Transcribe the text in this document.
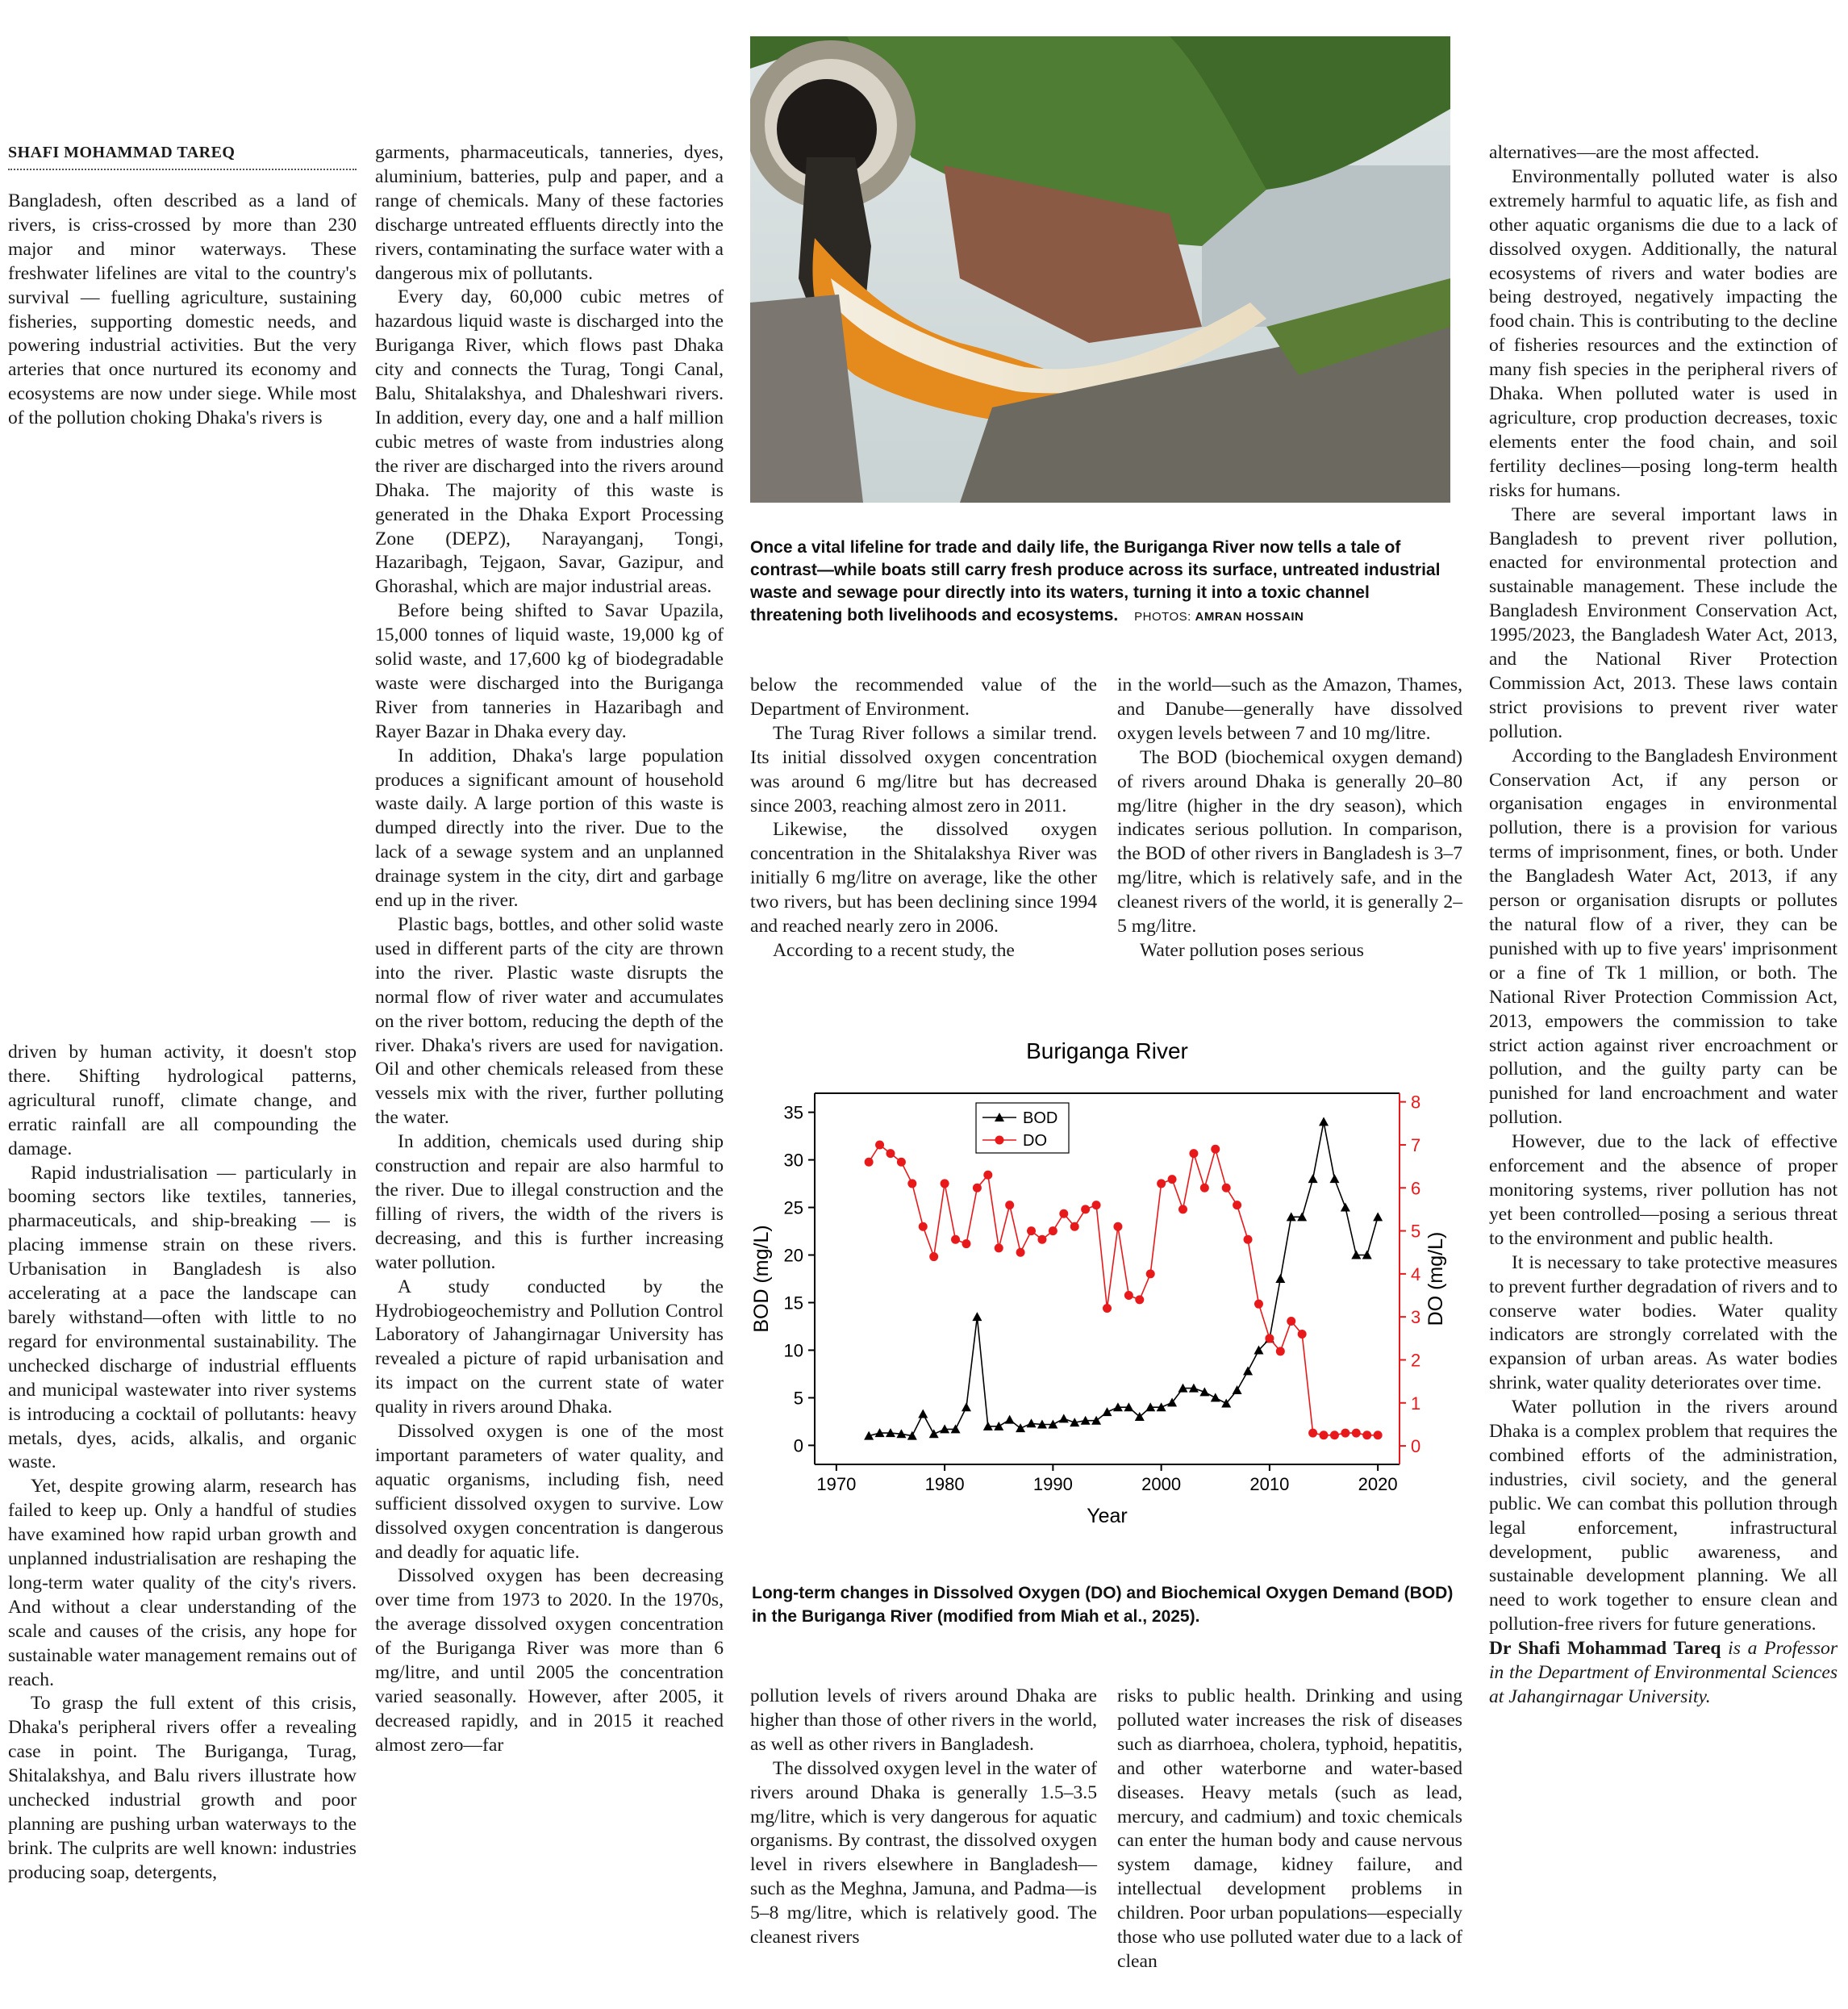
SHAFI MOHAMMAD TAREQ

Bangladesh, often described as a land of rivers, is criss-crossed by more than 230 major and minor waterways. These freshwater lifelines are vital to the country's survival — fuelling agriculture, sustaining fisheries, supporting domestic needs, and powering industrial activities. But the very arteries that once nurtured its economy and ecosystems are now under siege. While most of the pollution choking Dhaka's rivers is

driven by human activity, it doesn't stop there. Shifting hydrological patterns, agricultural runoff, climate change, and erratic rainfall are all compounding the damage.

Rapid industrialisation — particularly in booming sectors like textiles, tanneries, pharmaceuticals, and ship-breaking — is placing immense strain on these rivers. Urbanisation in Bangladesh is also accelerating at a pace the landscape can barely withstand—often with little to no regard for environmental sustainability. The unchecked discharge of industrial effluents and municipal wastewater into river systems is introducing a cocktail of pollutants: heavy metals, dyes, acids, alkalis, and organic waste.

Yet, despite growing alarm, research has failed to keep up. Only a handful of studies have examined how rapid urban growth and unplanned industrialisation are reshaping the long-term water quality of the city's rivers. And without a clear understanding of the scale and causes of the crisis, any hope for sustainable water management remains out of reach.

To grasp the full extent of this crisis, Dhaka's peripheral rivers offer a revealing case in point. The Buriganga, Turag, Shitalakshya, and Balu rivers illustrate how unchecked industrial growth and poor planning are pushing urban waterways to the brink. The culprits are well known: industries producing soap, detergents,

garments, pharmaceuticals, tanneries, dyes, aluminium, batteries, pulp and paper, and a range of chemicals. Many of these factories discharge untreated effluents directly into the rivers, contaminating the surface water with a dangerous mix of pollutants.

Every day, 60,000 cubic metres of hazardous liquid waste is discharged into the Buriganga River, which flows past Dhaka city and connects the Turag, Tongi Canal, Balu, Shitalakshya, and Dhaleshwari rivers. In addition, every day, one and a half million cubic metres of waste from industries along the river are discharged into the rivers around Dhaka. The majority of this waste is generated in the Dhaka Export Processing Zone (DEPZ), Narayanganj, Tongi, Hazaribagh, Tejgaon, Savar, Gazipur, and Ghorashal, which are major industrial areas.

Before being shifted to Savar Upazila, 15,000 tonnes of liquid waste, 19,000 kg of solid waste, and 17,600 kg of biodegradable waste were discharged into the Buriganga River from tanneries in Hazaribagh and Rayer Bazar in Dhaka every day.

In addition, Dhaka's large population produces a significant amount of household waste daily. A large portion of this waste is dumped directly into the river. Due to the lack of a sewage system and an unplanned drainage system in the city, dirt and garbage end up in the river.

Plastic bags, bottles, and other solid waste used in different parts of the city are thrown into the river. Plastic waste disrupts the normal flow of river water and accumulates on the river bottom, reducing the depth of the river. Dhaka's rivers are used for navigation. Oil and other chemicals released from these vessels mix with the river, further polluting the water.

In addition, chemicals used during ship construction and repair are also harmful to the river. Due to illegal construction and the filling of rivers, the width of the rivers is decreasing, and this is further increasing water pollution.

A study conducted by the Hydrobiogeochemistry and Pollution Control Laboratory of Jahangirnagar University has revealed a picture of rapid urbanisation and its impact on the current state of water quality in rivers around Dhaka.

Dissolved oxygen is one of the most important parameters of water quality, and aquatic organisms, including fish, need sufficient dissolved oxygen to survive. Low dissolved oxygen concentration is dangerous and deadly for aquatic life.

Dissolved oxygen has been decreasing over time from 1973 to 2020. In the 1970s, the average dissolved oxygen concentration of the Buriganga River was more than 6 mg/litre, and until 2005 the concentration varied seasonally. However, after 2005, it decreased rapidly, and in 2015 it reached almost zero—far

Once a vital lifeline for trade and daily life, the Buriganga River now tells a tale of contrast—while boats still carry fresh produce across its surface, untreated industrial waste and sewage pour directly into its waters, turning it into a toxic channel threatening both livelihoods and ecosystems. PHOTOS: AMRAN HOSSAIN

below the recommended value of the Department of Environment.

The Turag River follows a similar trend. Its initial dissolved oxygen concentration was around 6 mg/litre but has decreased since 2003, reaching almost zero in 2011.

Likewise, the dissolved oxygen concentration in the Shitalakshya River was initially 6 mg/litre on average, like the other two rivers, but has been declining since 1994 and reached nearly zero in 2006.

According to a recent study, the

in the world—such as the Amazon, Thames, and Danube—generally have dissolved oxygen levels between 7 and 10 mg/litre.

The BOD (biochemical oxygen demand) of rivers around Dhaka is generally 20–80 mg/litre (higher in the dry season), which indicates serious pollution. In comparison, the BOD of other rivers in Bangladesh is 3–7 mg/litre, which is relatively safe, and in the cleanest rivers of the world, it is generally 2–5 mg/litre.

Water pollution poses serious

Buriganga River
1970	1980	1990	2000	2010	2020
0
5
10
15
20
25
30
35
0
1
2
3
4
5
6
7
8
Year
BOD (mg/L)	DO (mg/L)
BOD
DO
Long-term changes in Dissolved Oxygen (DO) and Biochemical Oxygen Demand (BOD) in the Buriganga River (modified from Miah et al., 2025).

pollution levels of rivers around Dhaka are higher than those of other rivers in the world, as well as other rivers in Bangladesh.

The dissolved oxygen level in the water of rivers around Dhaka is generally 1.5–3.5 mg/litre, which is very dangerous for aquatic organisms. By contrast, the dissolved oxygen level in rivers elsewhere in Bangladesh—such as the Meghna, Jamuna, and Padma—is 5–8 mg/litre, which is relatively good. The cleanest rivers

risks to public health. Drinking and using polluted water increases the risk of diseases such as diarrhoea, cholera, typhoid, hepatitis, and other waterborne and water-based diseases. Heavy metals (such as lead, mercury, and cadmium) and toxic chemicals can enter the human body and cause nervous system damage, kidney failure, and intellectual development problems in children. Poor urban populations—especially those who use polluted water due to a lack of clean

alternatives—are the most affected.

Environmentally polluted water is also extremely harmful to aquatic life, as fish and other aquatic organisms die due to a lack of dissolved oxygen. Additionally, the natural ecosystems of rivers and water bodies are being destroyed, negatively impacting the food chain. This is contributing to the decline of fisheries resources and the extinction of many fish species in the peripheral rivers of Dhaka. When polluted water is used in agriculture, crop production decreases, toxic elements enter the food chain, and soil fertility declines—posing long-term health risks for humans.

There are several important laws in Bangladesh to prevent river pollution, enacted for environmental protection and sustainable management. These include the Bangladesh Environment Conservation Act, 1995/2023, the Bangladesh Water Act, 2013, and the National River Protection Commission Act, 2013. These laws contain strict provisions to prevent river water pollution.

According to the Bangladesh Environment Conservation Act, if any person or organisation engages in environmental pollution, there is a provision for various terms of imprisonment, fines, or both. Under the Bangladesh Water Act, 2013, if any person or organisation disrupts or pollutes the natural flow of a river, they can be punished with up to five years' imprisonment or a fine of Tk 1 million, or both. The National River Protection Commission Act, 2013, empowers the commission to take strict action against river encroachment or pollution, and the guilty party can be punished for land encroachment and water pollution.

However, due to the lack of effective enforcement and the absence of proper monitoring systems, river pollution has not yet been controlled—posing a serious threat to the environment and public health.

It is necessary to take protective measures to prevent further degradation of rivers and to conserve water bodies. Water quality indicators are strongly correlated with the expansion of urban areas. As water bodies shrink, water quality deteriorates over time.

Water pollution in the rivers around Dhaka is a complex problem that requires the combined efforts of the administration, industries, civil society, and the general public. We can combat this pollution through legal enforcement, infrastructural development, public awareness, and sustainable development planning. We all need to work together to ensure clean and pollution-free rivers for future generations.

Dr Shafi Mohammad Tareq is a Professor in the Department of Environmental Sciences at Jahangirnagar University.
